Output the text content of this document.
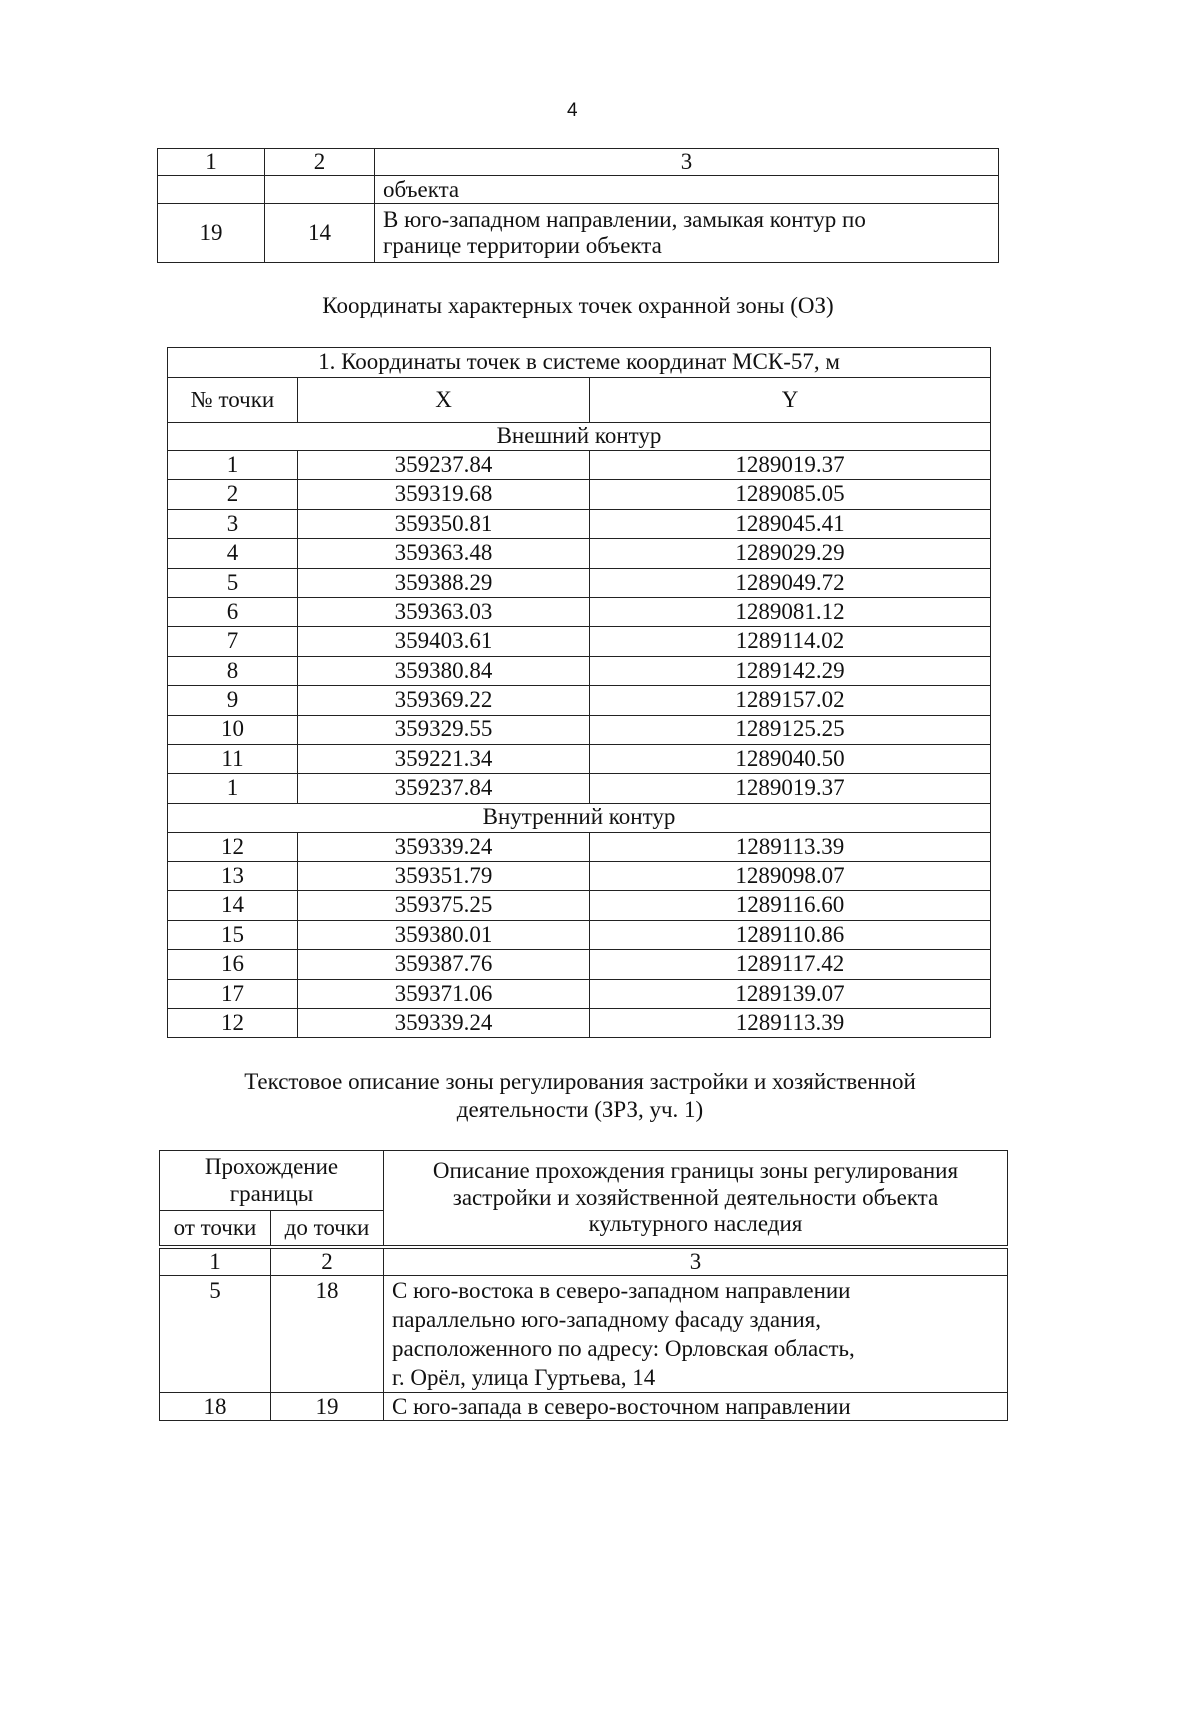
4
1	2	3
		объекта
19	14	В юго-западном направлении, замыкая контур по
границе территории объекта
Координаты характерных точек охранной зоны (ОЗ)
1. Координаты точек в системе координат МСК-57, м		
№ точки	X	Y
Внешний контур		
1	359237.84	1289019.37
2	359319.68	1289085.05
3	359350.81	1289045.41
4	359363.48	1289029.29
5	359388.29	1289049.72
6	359363.03	1289081.12
7	359403.61	1289114.02
8	359380.84	1289142.29
9	359369.22	1289157.02
10	359329.55	1289125.25
11	359221.34	1289040.50
1	359237.84	1289019.37
Внутренний контур		
12	359339.24	1289113.39
13	359351.79	1289098.07
14	359375.25	1289116.60
15	359380.01	1289110.86
16	359387.76	1289117.42
17	359371.06	1289139.07
12	359339.24	1289113.39
Текстовое описание зоны регулирования застройки и хозяйственной
деятельности (ЗРЗ, уч. 1)
Прохождение границы		Описание прохождения границы зоны регулирования застройки и хозяйственной деятельности объекта культурного наследия
от точки	до точки	
1	2	3
5	18	С юго-востока в северо-западном направлении
параллельно юго-западному фасаду здания,
расположенного по адресу: Орловская область,
г. Орёл, улица Гуртьева, 14

18	19	С юго-запада в северо-восточном направлении
